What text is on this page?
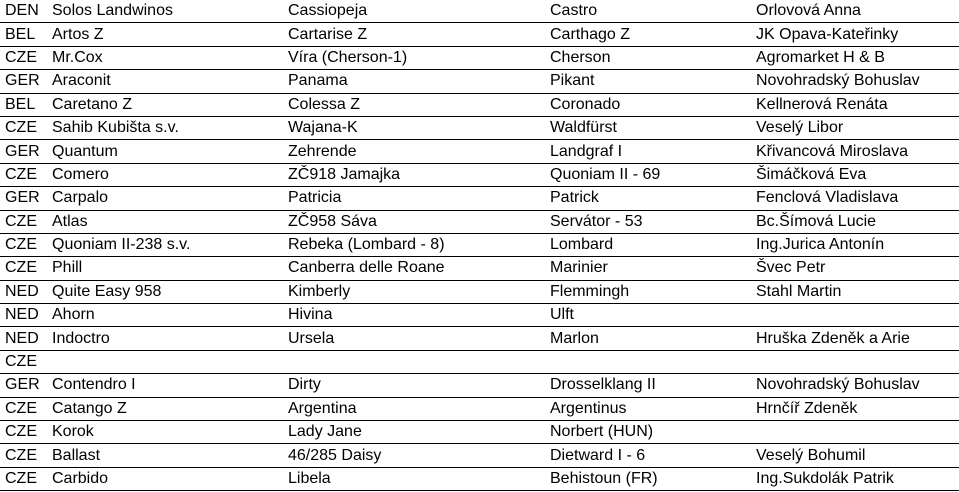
DEN Solos Landwinos	Cassiopeja	Castro	Orlovová Anna
BEL Artos Z	Cartarise Z	Carthago Z	JK Opava-Kateřinky
CZE Mr.Cox	Víra (Cherson-1)	Cherson	Agromarket H & B
GER Araconit	Panama	Pikant	Novohradský Bohuslav
BEL Caretano Z	Colessa Z	Coronado	Kellnerová Renáta
CZE Sahib Kubišta s.v.	Wajana-K	Waldfürst	Veselý Libor
GER Quantum	Zehrende	Landgraf I	Křivancová Miroslava
CZE Comero	ZČ918 Jamajka	Quoniam II - 69	Šimáčková Eva
GER Carpalo	Patricia	Patrick	Fenclová Vladislava
CZE Atlas	ZČ958 Sáva	Servátor - 53	Bc.Šímová Lucie
CZE Quoniam II-238 s.v.	Rebeka (Lombard - 8)	Lombard	Ing.Jurica Antonín
CZE Phill	Canberra delle Roane	Marinier	Švec Petr
NED Quite Easy 958	Kimberly	Flemmingh	Stahl Martin
NED Ahorn	Hivina	Ulft
NED Indoctro	Ursela	Marlon	Hruška Zdeněk a Arie
CZE
GER Contendro I	Dirty	Drosselklang II	Novohradský Bohuslav
CZE Catango Z	Argentina	Argentinus	Hrnčíř Zdeněk
CZE Korok	Lady Jane	Norbert (HUN)
CZE Ballast	46/285 Daisy	Dietward I - 6	Veselý Bohumil
CZE Carbido	Libela	Behistoun (FR)	Ing.Sukdolák Patrik
